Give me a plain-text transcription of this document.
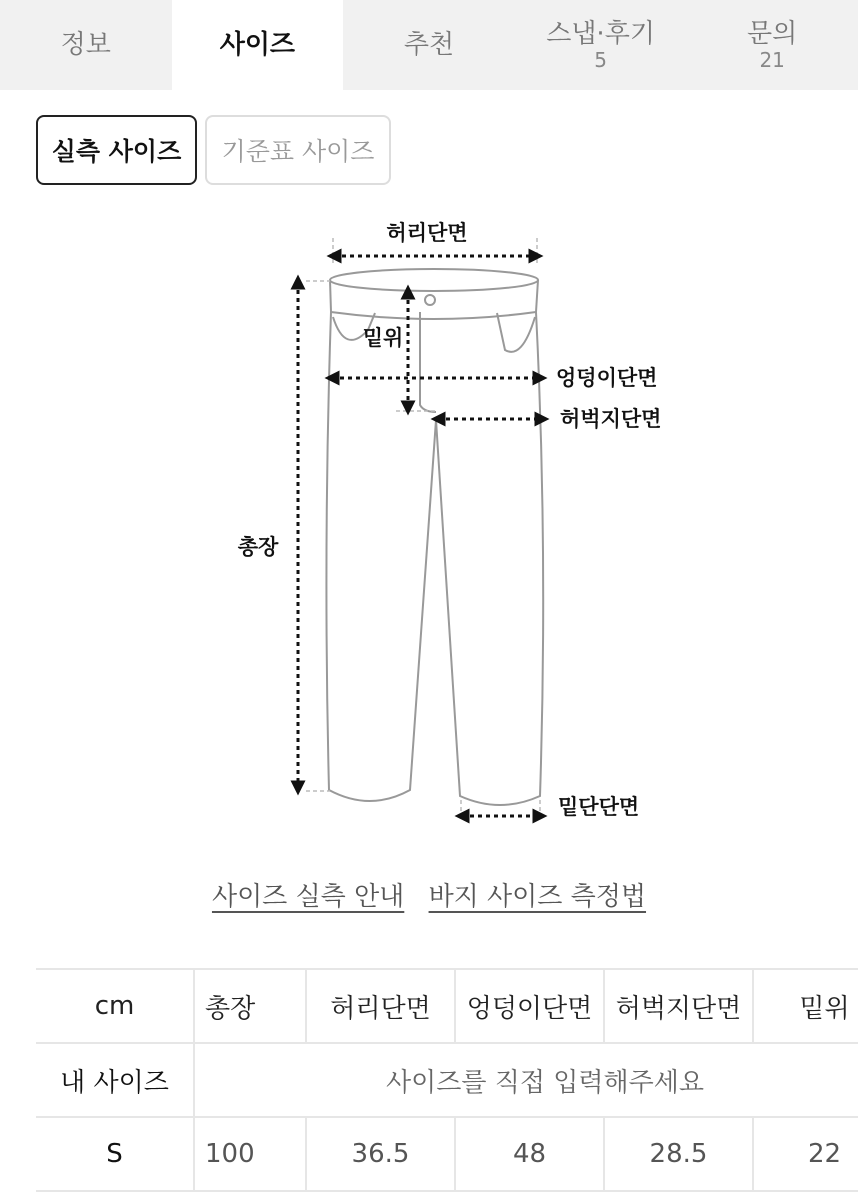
정보	사이즈	추천	스냅·후기
5
문의
21
실측 사이즈	기준표 사이즈
허리단면
밑위
엉덩이단면
허벅지단면
총장
밑단단면
사이즈 실측 안내 바지 사이즈 측정법
cm	총장	허리단면	엉덩이단면	허벅지단면	밑위
내 사이즈	사이즈를 직접 입력해주세요				
S	100	36.5	48	28.5	22
